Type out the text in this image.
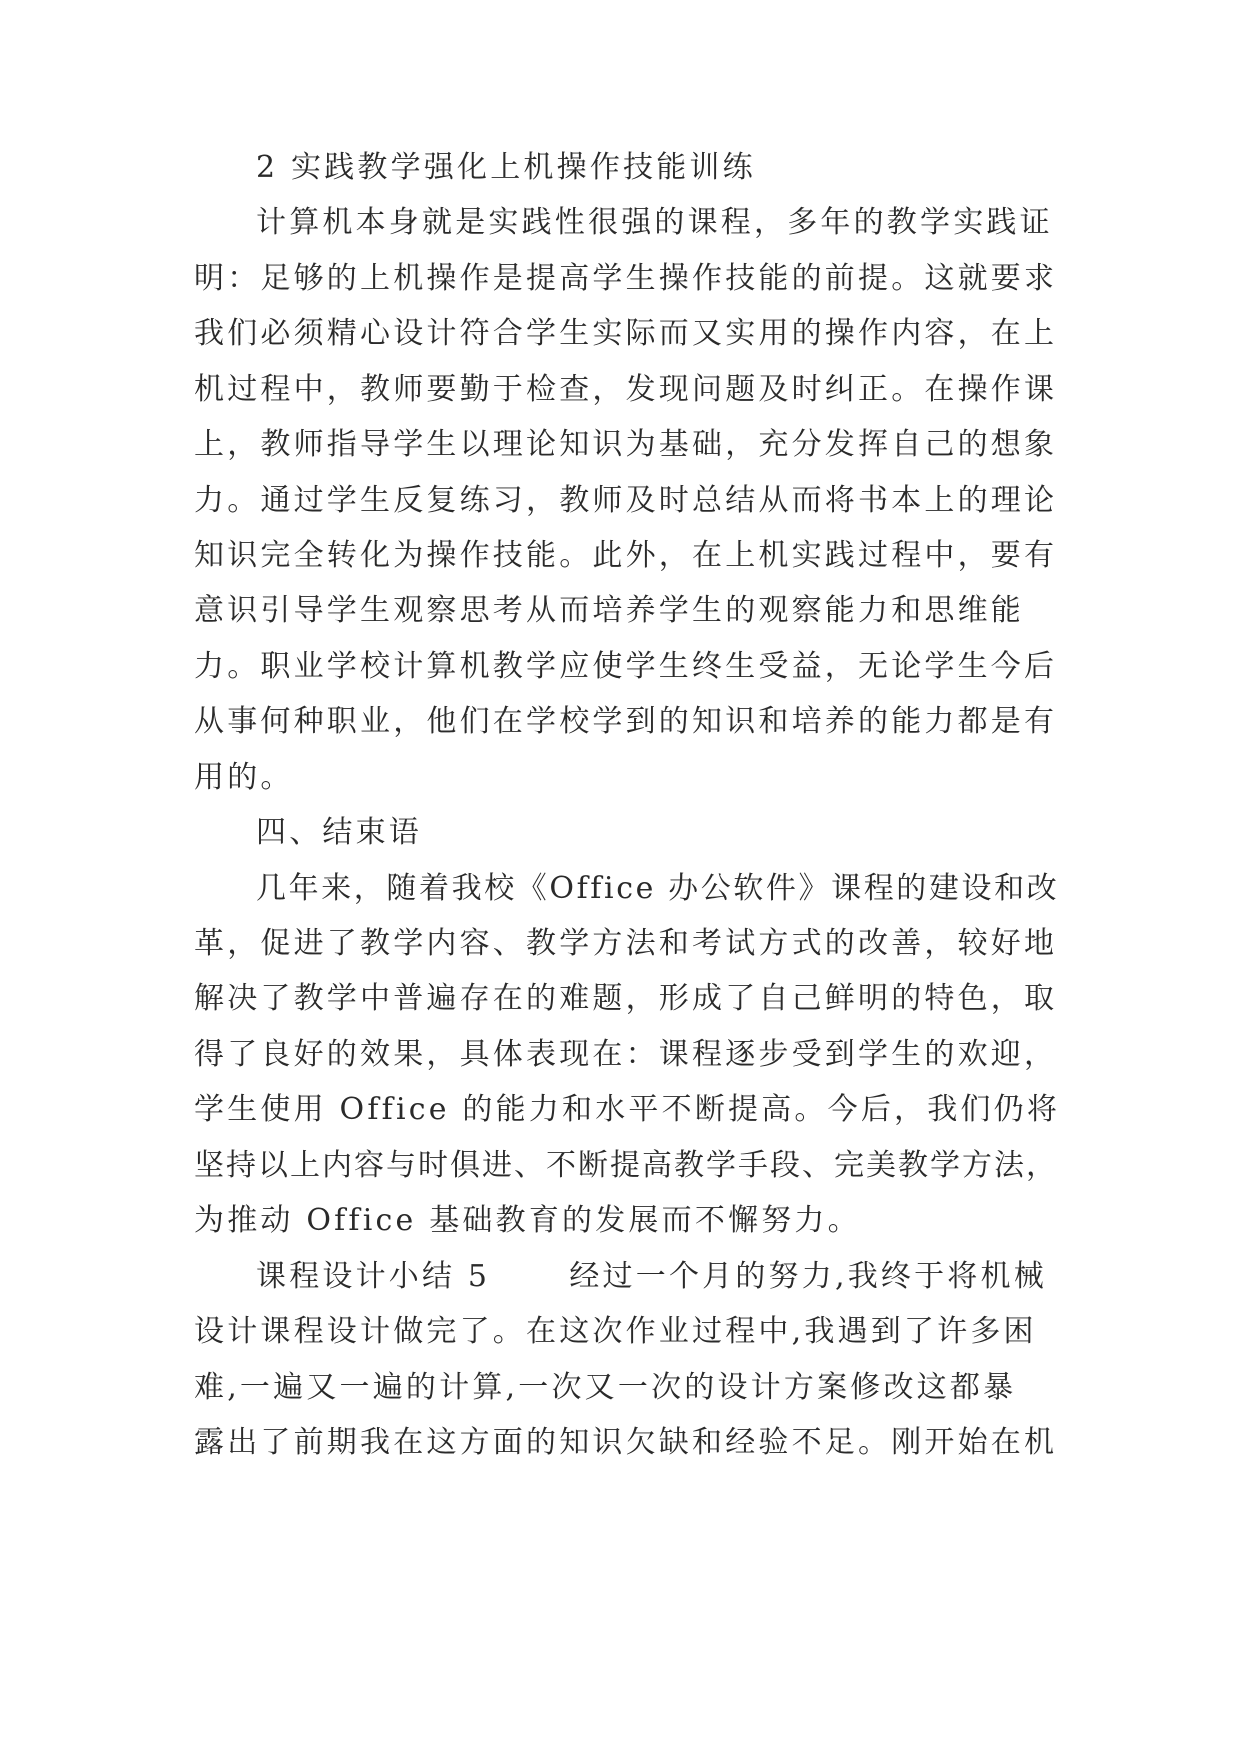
2 实践教学强化上机操作技能训练
计算机本身就是实践性很强的课程，多年的教学实践证
明：足够的上机操作是提高学生操作技能的前提。这就要求
我们必须精心设计符合学生实际而又实用的操作内容，在上
机过程中，教师要勤于检查，发现问题及时纠正。在操作课
上，教师指导学生以理论知识为基础，充分发挥自己的想象
力。通过学生反复练习，教师及时总结从而将书本上的理论
知识完全转化为操作技能。此外，在上机实践过程中，要有
意识引导学生观察思考从而培养学生的观察能力和思维能
力。职业学校计算机教学应使学生终生受益，无论学生今后
从事何种职业，他们在学校学到的知识和培养的能力都是有
用的。
四、结束语
几年来，随着我校《Office 办公软件》课程的建设和改
革，促进了教学内容、教学方法和考试方式的改善，较好地
解决了教学中普遍存在的难题，形成了自己鲜明的特色，取
得了良好的效果，具体表现在：课程逐步受到学生的欢迎，
学生使用 Office 的能力和水平不断提高。今后，我们仍将
坚持以上内容与时俱进、不断提高教学手段、完美教学方法，
为推动 Office 基础教育的发展而不懈努力。
课程设计小结 5　　 经过一个月的努力,我终于将机械
设计课程设计做完了。在这次作业过程中,我遇到了许多困
难,一遍又一遍的计算,一次又一次的设计方案修改这都暴
露出了前期我在这方面的知识欠缺和经验不足。刚开始在机
